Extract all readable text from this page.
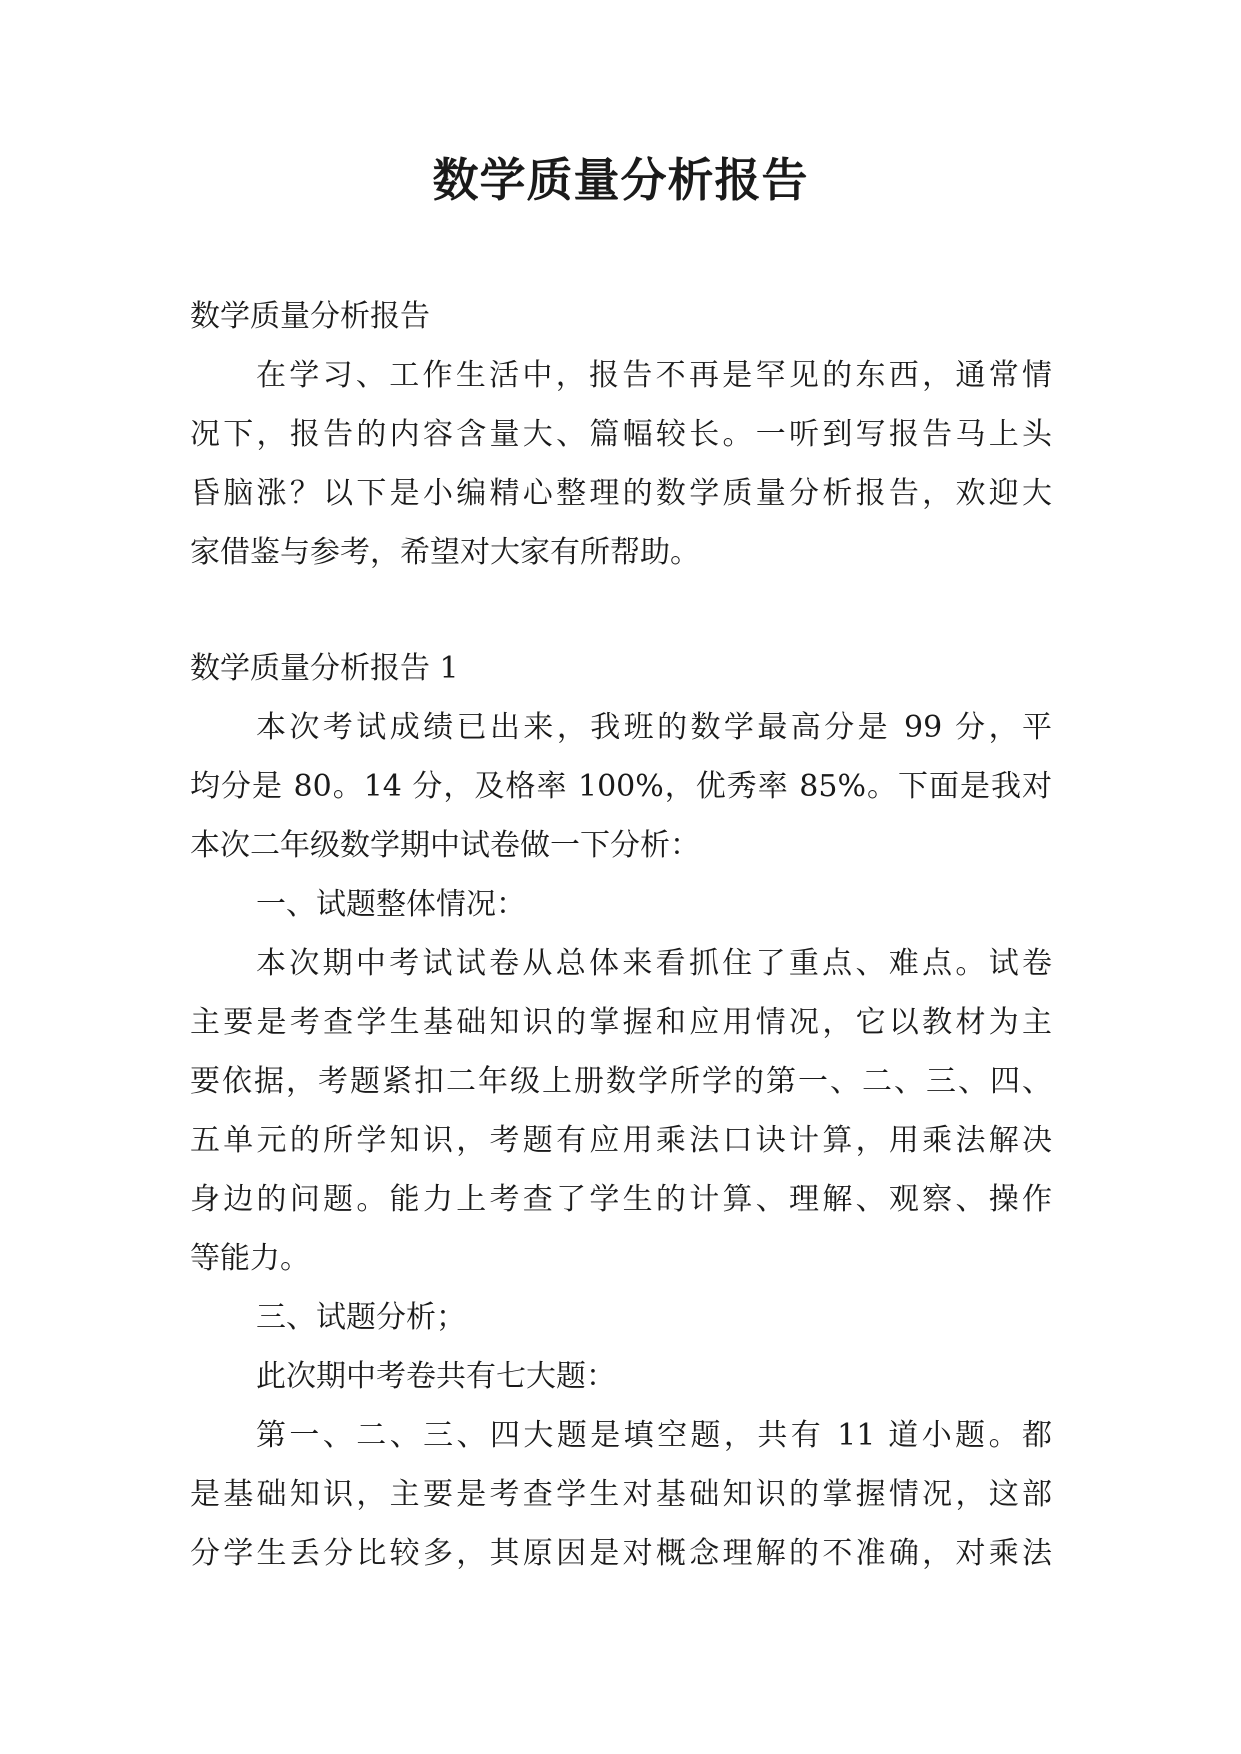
数学质量分析报告
数学质量分析报告
在学习、工作生活中，报告不再是罕见的东西，通常情
况下，报告的内容含量大、篇幅较长。一听到写报告马上头
昏脑涨？以下是小编精心整理的数学质量分析报告，欢迎大
家借鉴与参考，希望对大家有所帮助。
数学质量分析报告 1
本次考试成绩已出来，我班的数学最高分是 99 分，平
均分是 80。14 分，及格率 100%，优秀率 85%。下面是我对
本次二年级数学期中试卷做一下分析：
一、试题整体情况：
本次期中考试试卷从总体来看抓住了重点、难点。试卷
主要是考查学生基础知识的掌握和应用情况，它以教材为主
要依据，考题紧扣二年级上册数学所学的第一、二、三、四、
五单元的所学知识，考题有应用乘法口诀计算，用乘法解决
身边的问题。能力上考查了学生的计算、理解、观察、操作
等能力。
三、试题分析；
此次期中考卷共有七大题：
第一、二、三、四大题是填空题，共有 11 道小题。都
是基础知识，主要是考查学生对基础知识的掌握情况，这部
分学生丢分比较多，其原因是对概念理解的不准确，对乘法
